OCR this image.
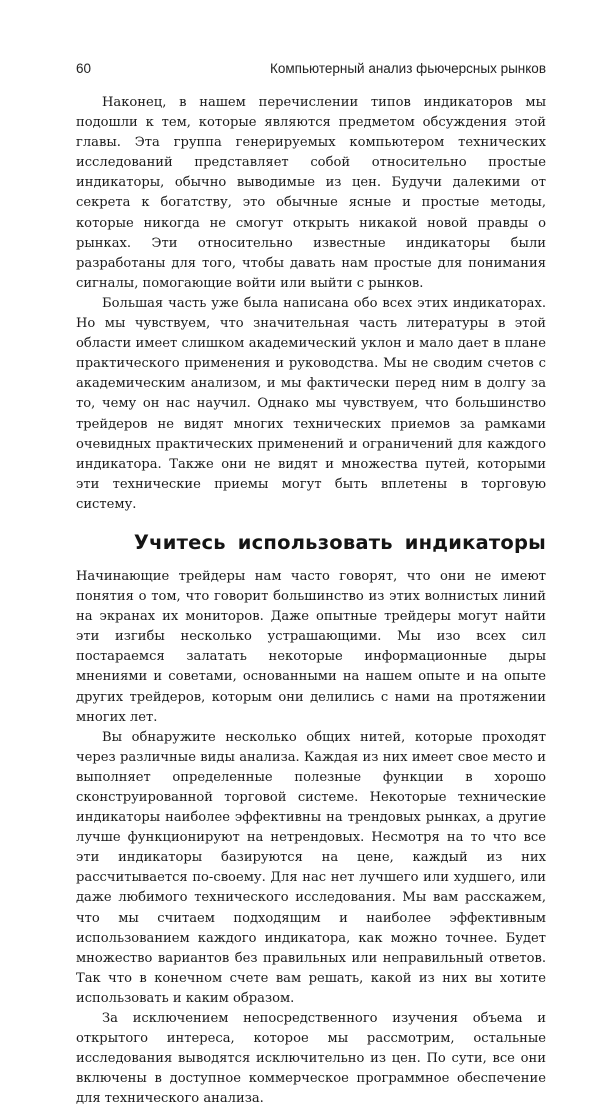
60	Компьютерный анализ фьючерсных рынков

Наконец, в нашем перечислении типов индикаторов мы подошли к тем, которые являются предметом обсуждения этой главы. Эта группа генерируемых компьютером технических исследований представляет собой относительно простые индикаторы, обычно выводимые из цен. Будучи далекими от секрета к богатству, это обычные ясные и простые методы, которые никогда не смогут открыть никакой новой правды о рынках. Эти относительно известные индикаторы были разработаны для того, чтобы давать нам простые для понимания сигналы, помогающие войти или выйти с рынков.

Большая часть уже была написана обо всех этих индикаторах. Но мы чувствуем, что значительная часть литературы в этой области имеет слишком академический уклон и мало дает в плане практического применения и руководства. Мы не сводим счетов с академическим анализом, и мы фактически перед ним в долгу за то, чему он нас научил. Однако мы чувствуем, что большинство трейдеров не видят многих технических приемов за рамками очевидных практических применений и ограничений для каждого индикатора. Также они не видят и множества путей, которыми эти технические приемы могут быть вплетены в торговую систему.

Учитесь использовать индикаторы

Начинающие трейдеры нам часто говорят, что они не имеют понятия о том, что говорит большинство из этих волнистых линий на экранах их мониторов. Даже опытные трейдеры могут найти эти изгибы несколько устрашающими. Мы изо всех сил постараемся залатать некоторые информационные дыры мнениями и советами, основанными на нашем опыте и на опыте других трейдеров, которым они делились с нами на протяжении многих лет.

Вы обнаружите несколько общих нитей, которые проходят через различные виды анализа. Каждая из них имеет свое место и выполняет определенные полезные функции в хорошо сконструированной торговой системе. Некоторые технические индикаторы наиболее эффективны на трендовых рынках, а другие лучше функционируют на нетрендовых. Несмотря на то что все эти индикаторы базируются на цене, каждый из них рассчитывается по-своему. Для нас нет лучшего или худшего, или даже любимого технического исследования. Мы вам расскажем, что мы считаем подходящим и наиболее эффективным использованием каждого индикатора, как можно точнее. Будет множество вариантов без правильных или неправильный ответов. Так что в конечном счете вам решать, какой из них вы хотите использовать и каким образом.

За исключением непосредственного изучения объема и открытого интереса, которое мы рассмотрим, остальные исследования выводятся исключительно из цен. По сути, все они включены в доступное коммерческое программное обеспечение для технического анализа.
